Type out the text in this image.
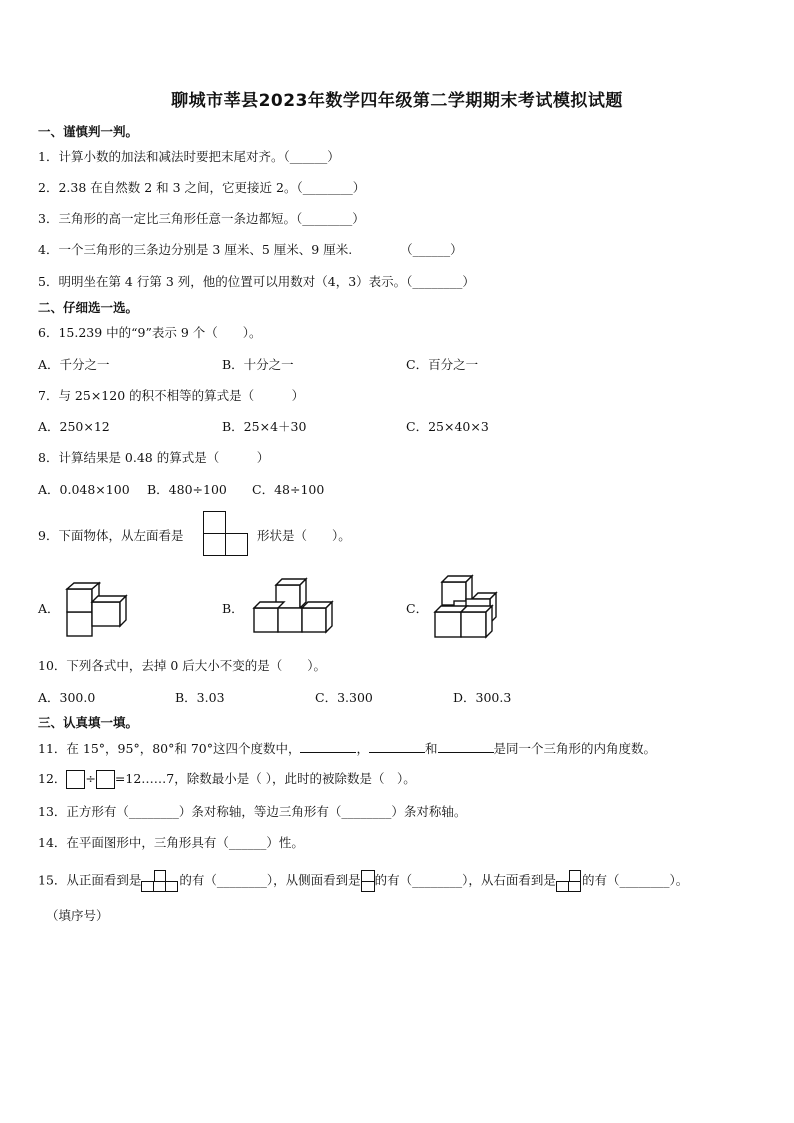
聊城市莘县2023年数学四年级第二学期期末考试模拟试题
一、谨慎判一判。
1．计算小数的加法和减法时要把末尾对齐。（______）
2．2.38 在自然数 2 和 3 之间，它更接近 2。（________）
3．三角形的高一定比三角形任意一条边都短。（________）
4．一个三角形的三条边分别是 3 厘米、5 厘米、9 厘米.	（______）
5．明明坐在第 4 行第 3 列，他的位置可以用数对（4，3）表示。（________）
二、仔细选一选。
6．15.239 中的“9”表示 9 个（　　）。
A．千分之一	B．十分之一	C．百分之一
7．与 25×120 的积不相等的算式是（　　　）
A．250×12	B．25×4＋30	C．25×40×3
8．计算结果是 0.48 的算式是（　　　）
A．0.048×100 B．480÷100 C．48÷100
9．下面物体，从左面看是	形状是（　　）。
A．	B．	C．
10．下列各式中，去掉 0 后大小不变的是（　　）。
A．300.0	B．3.03	C．3.300	D．300.3
三、认真填一填。
11．在 15°，95°，80°和 70°这四个度数中，	，	和	是同一个三角形的内角度数。
12． ÷ =12……7，除数最小是（ ），此时的被除数是（　）。
13．正方形有（________）条对称轴，等边三角形有（________）条对称轴。
14．在平面图形中，三角形具有（______）性。
15．从正面看到是	的有（________），从侧面看到是 的有（________），从右面看到是 的有（________）。
（填序号）
